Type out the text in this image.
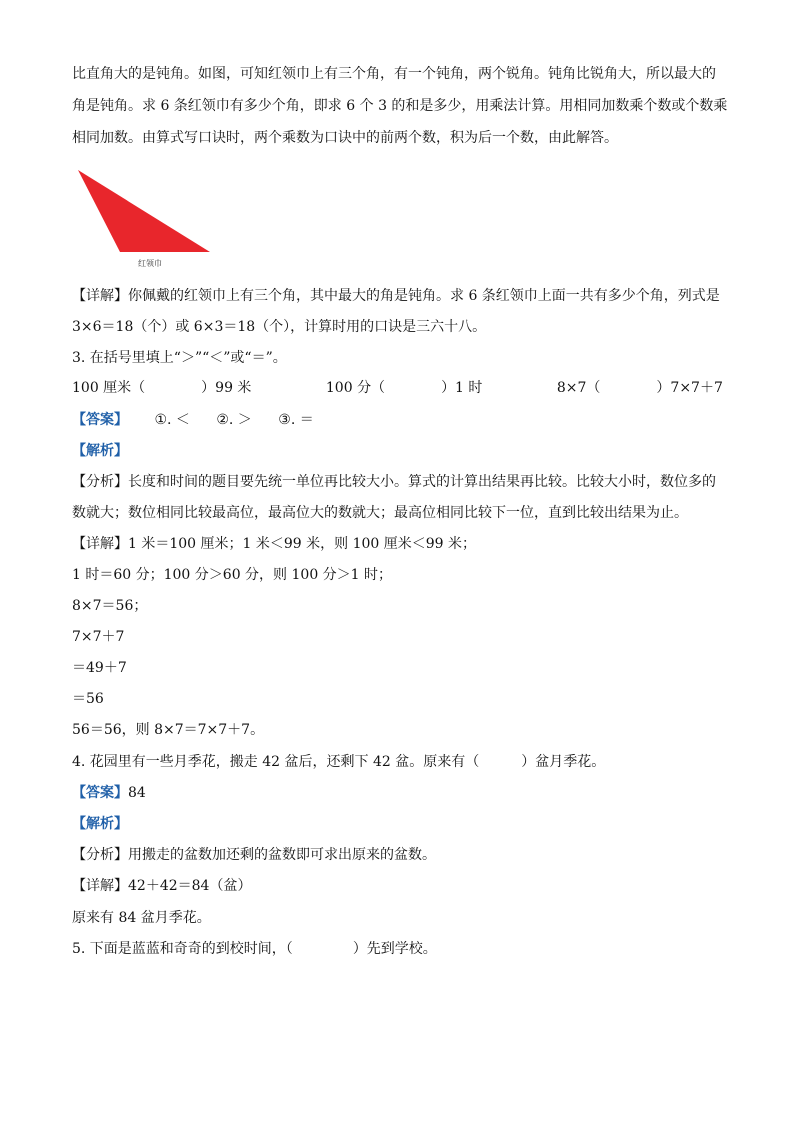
比直角大的是钝角。如图，可知红领巾上有三个角，有一个钝角，两个锐角。钝角比锐角大，所以最大的
角是钝角。求 6 条红领巾有多少个角，即求 6 个 3 的和是多少，用乘法计算。用相同加数乘个数或个数乘
相同加数。由算式写口诀时，两个乘数为口诀中的前两个数，积为后一个数，由此解答。
红领巾
【详解】你佩戴的红领巾上有三个角，其中最大的角是钝角。求 6 条红领巾上面一共有多少个角，列式是
3×6＝18（个）或 6×3＝18（个），计算时用的口诀是三六十八。
3. 在括号里填上“＞”“＜”或“＝”。
100 厘米（	）99 米	100 分（	）1 时	8×7（	）7×7＋7
【答案】 ①. ＜ ②. ＞ ③. ＝
【解析】
【分析】长度和时间的题目要先统一单位再比较大小。算式的计算出结果再比较。比较大小时，数位多的
数就大；数位相同比较最高位，最高位大的数就大；最高位相同比较下一位，直到比较出结果为止。
【详解】1 米＝100 厘米；1 米＜99 米，则 100 厘米＜99 米；
1 时＝60 分；100 分＞60 分，则 100 分＞1 时；
8×7＝56；
7×7＋7
＝49＋7
＝56
56＝56，则 8×7＝7×7＋7。
4. 花园里有一些月季花，搬走 42 盆后，还剩下 42 盆。原来有（	）盆月季花。
【答案】84
【解析】
【分析】用搬走的盆数加还剩的盆数即可求出原来的盆数。
【详解】42＋42＝84（盆）
原来有 84 盆月季花。
5. 下面是蓝蓝和奇奇的到校时间，（	）先到学校。
